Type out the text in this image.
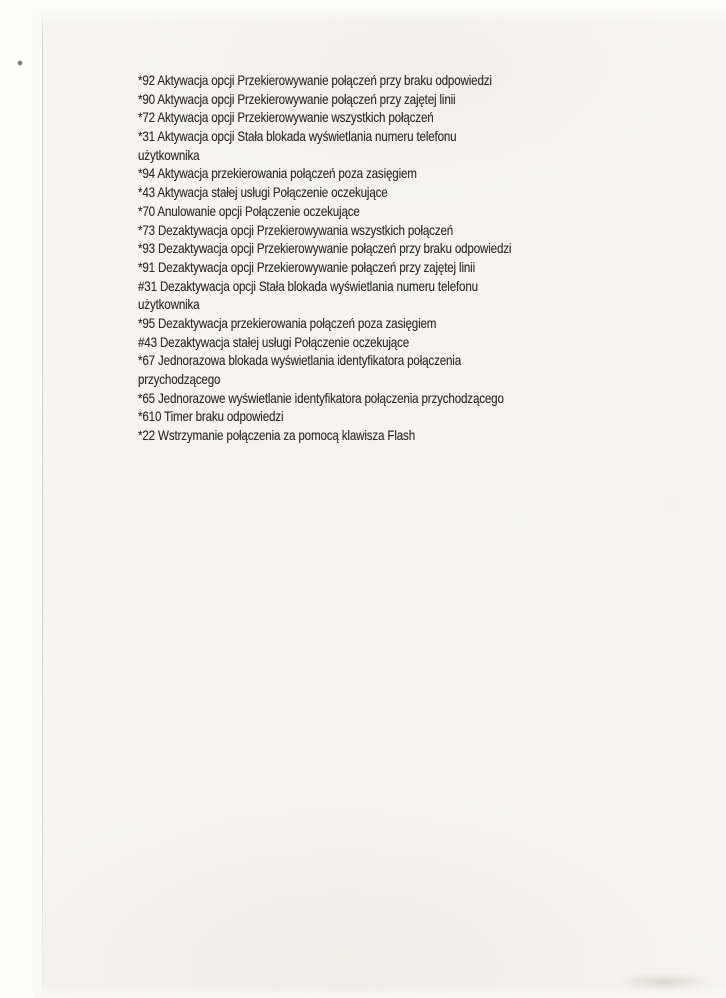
*92 Aktywacja opcji Przekierowywanie połączeń przy braku odpowiedzi
*90 Aktywacja opcji Przekierowywanie połączeń przy zajętej linii
*72 Aktywacja opcji Przekierowywanie wszystkich połączeń
*31 Aktywacja opcji Stała blokada wyświetlania numeru telefonu
użytkownika
*94 Aktywacja przekierowania połączeń poza zasięgiem
*43 Aktywacja stałej usługi Połączenie oczekujące
*70 Anulowanie opcji Połączenie oczekujące
*73 Dezaktywacja opcji Przekierowywania wszystkich połączeń
*93 Dezaktywacja opcji Przekierowywanie połączeń przy braku odpowiedzi
*91 Dezaktywacja opcji Przekierowywanie połączeń przy zajętej linii
#31 Dezaktywacja opcji Stała blokada wyświetlania numeru telefonu
użytkownika
*95 Dezaktywacja przekierowania połączeń poza zasięgiem
#43 Dezaktywacja stałej usługi Połączenie oczekujące
*67 Jednorazowa blokada wyświetlania identyfikatora połączenia
przychodzącego
*65 Jednorazowe wyświetlanie identyfikatora połączenia przychodzącego
*610 Timer braku odpowiedzi
*22 Wstrzymanie połączenia za pomocą klawisza Flash
